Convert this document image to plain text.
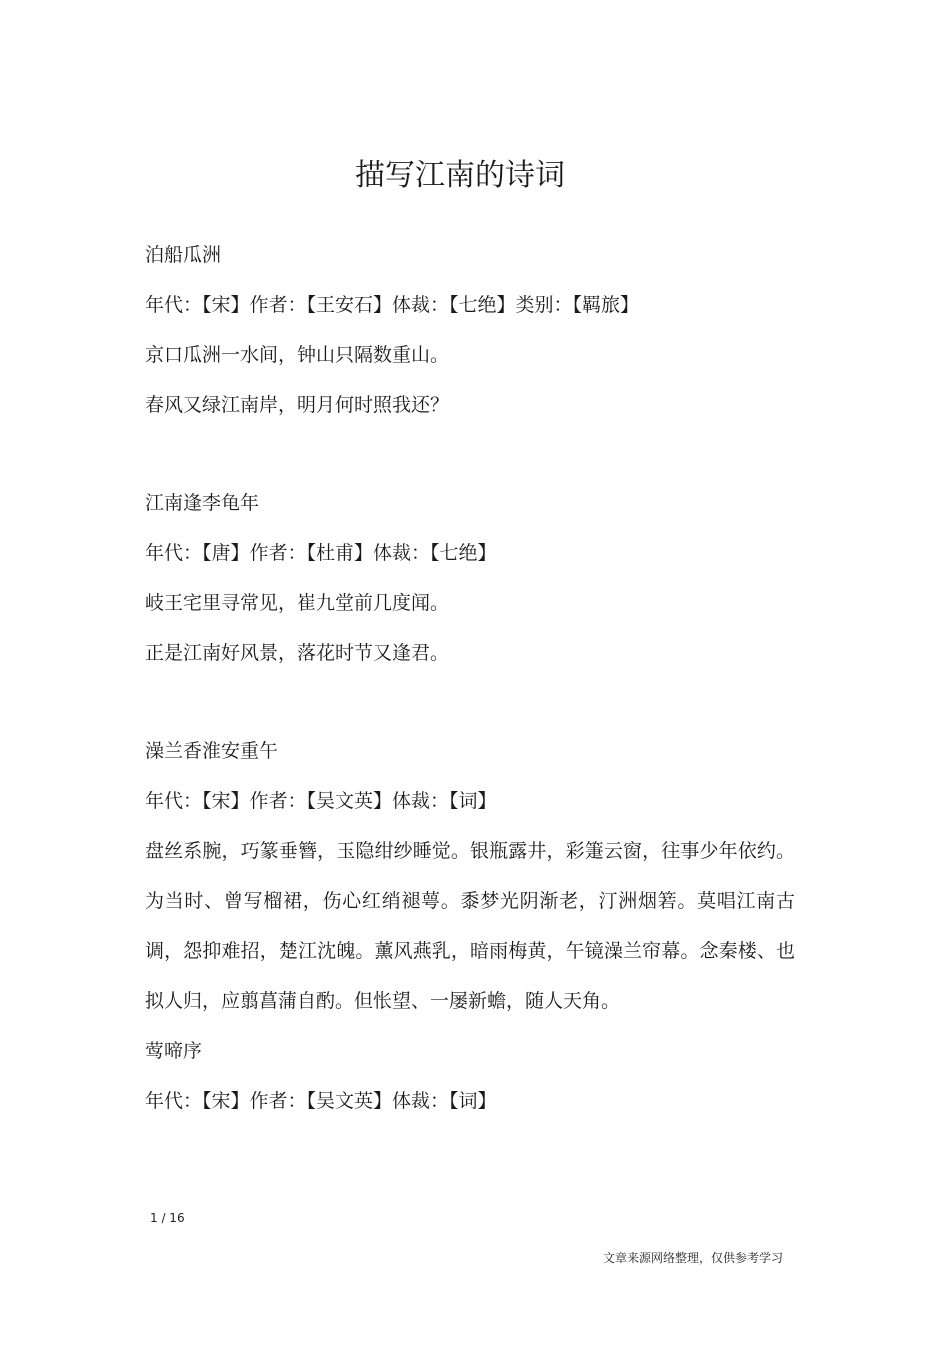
描写江南的诗词
泊船瓜洲
年代：【宋】作者：【王安石】体裁：【七绝】类别：【羁旅】
京口瓜洲一水间，钟山只隔数重山。
春风又绿江南岸，明月何时照我还？
江南逢李龟年
年代：【唐】作者：【杜甫】体裁：【七绝】
岐王宅里寻常见，崔九堂前几度闻。
正是江南好风景，落花时节又逢君。
澡兰香淮安重午
年代：【宋】作者：【吴文英】体裁：【词】
盘丝系腕，巧篆垂簪，玉隐绀纱睡觉。银瓶露井，彩箑云窗，往事少年依约。为当时、曾写榴裙，伤心红绡褪萼。黍梦光阴渐老，汀洲烟箬。莫唱江南古调，怨抑难招，楚江沈魄。薰风燕乳，暗雨梅黄，午镜澡兰帘幕。念秦楼、也拟人归，应翦菖蒲自酌。但怅望、一屡新蟾，随人天角。
莺啼序
年代：【宋】作者：【吴文英】体裁：【词】
1 / 16
文章来源网络整理，仅供参考学习
